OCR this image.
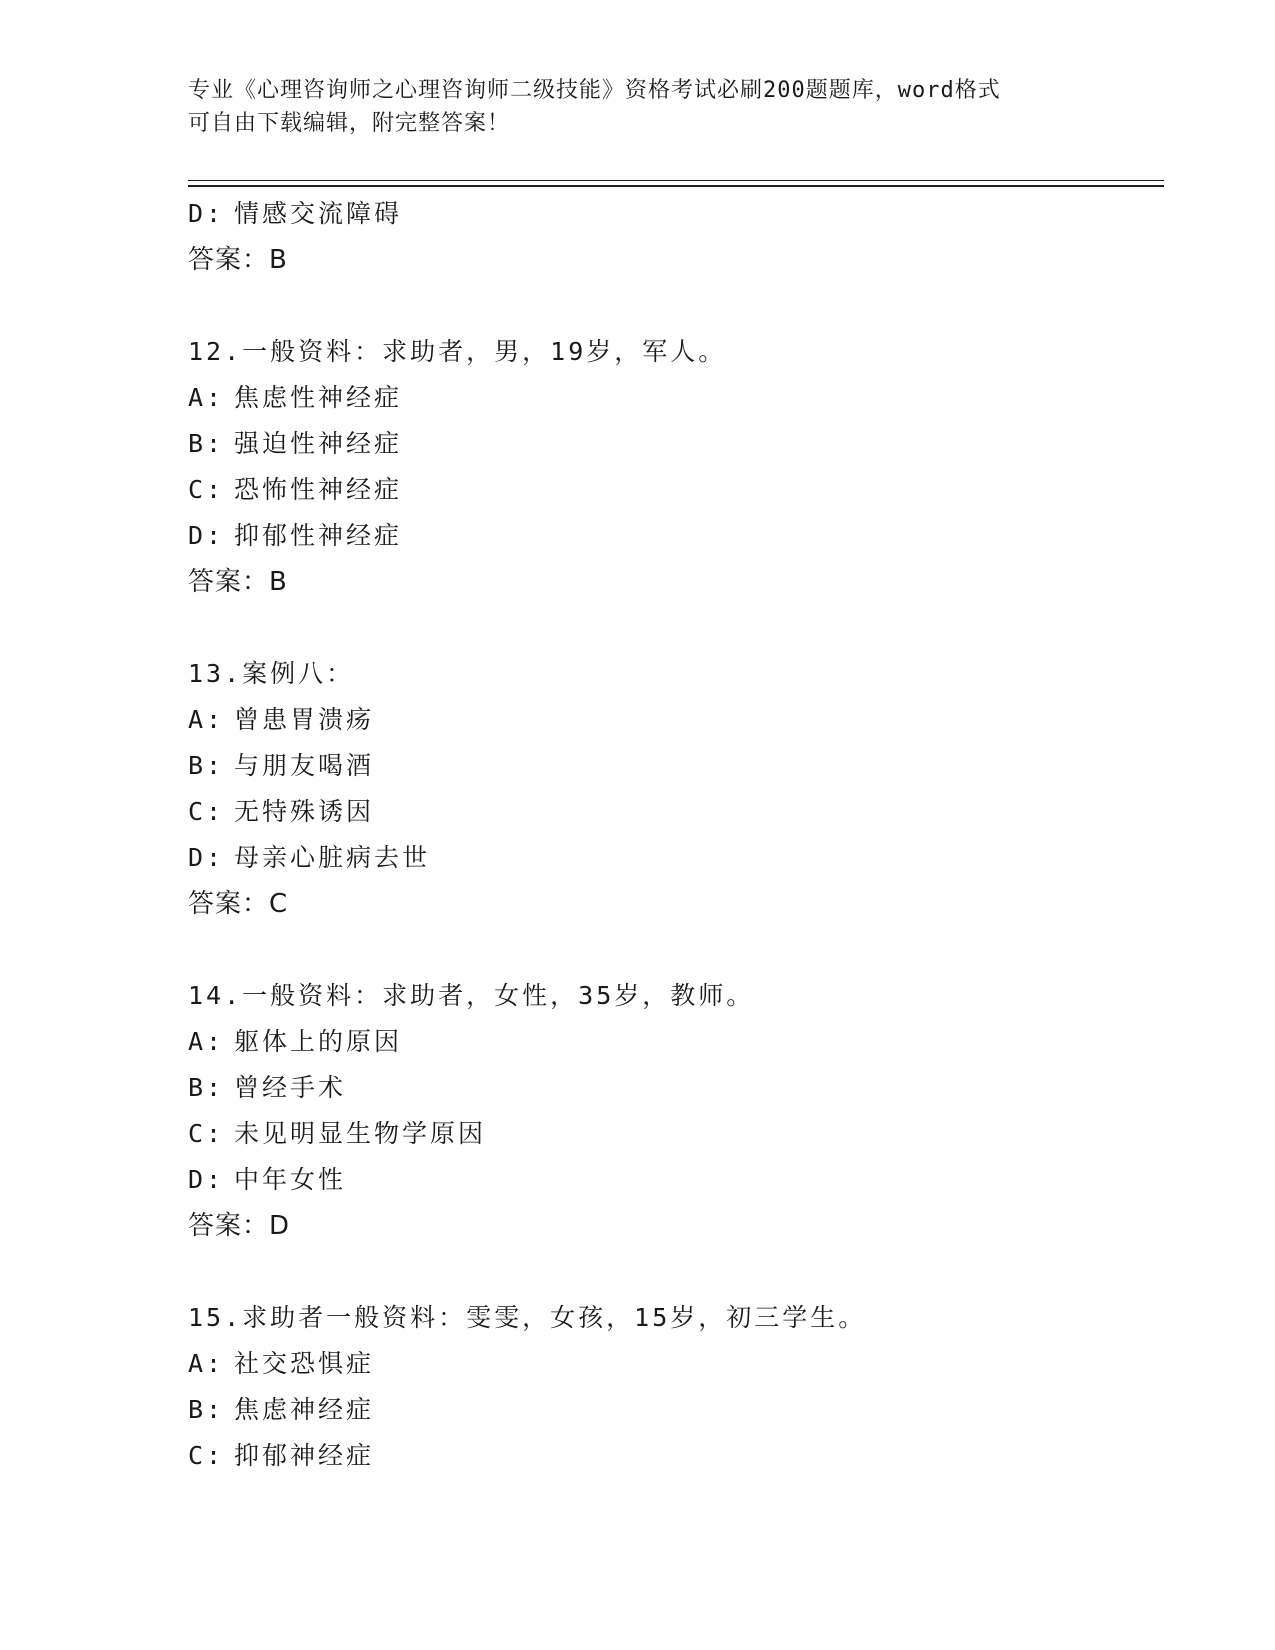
专业《心理咨询师之心理咨询师二级技能》资格考试必刷200题题库，word格式
可自由下载编辑，附完整答案！
D: 情感交流障碍
答案：B
12.一般资料：求助者，男，19岁，军人。
A: 焦虑性神经症
B: 强迫性神经症
C: 恐怖性神经症
D: 抑郁性神经症
答案：B
13.案例八：
A: 曾患胃溃疡
B: 与朋友喝酒
C: 无特殊诱因
D: 母亲心脏病去世
答案：C
14.一般资料：求助者，女性，35岁，教师。
A: 躯体上的原因
B: 曾经手术
C: 未见明显生物学原因
D: 中年女性
答案：D
15.求助者一般资料：雯雯，女孩，15岁，初三学生。
A: 社交恐惧症
B: 焦虑神经症
C: 抑郁神经症
